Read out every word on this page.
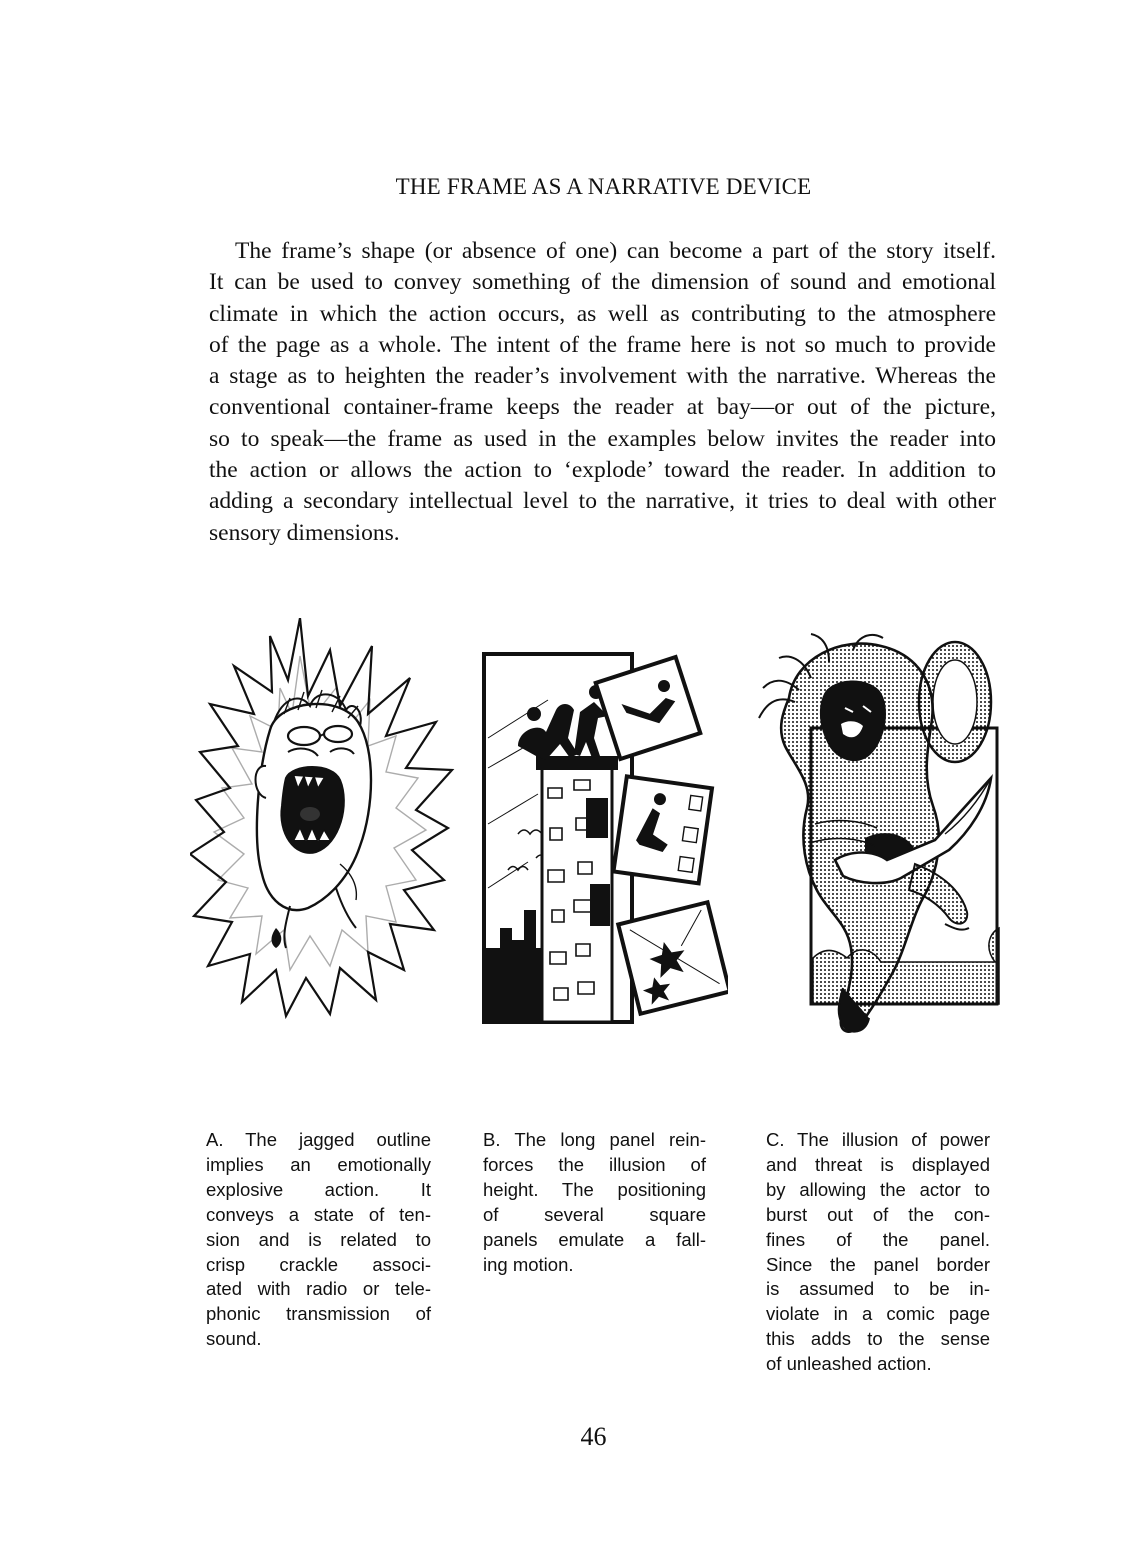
THE FRAME AS A NARRATIVE DEVICE

The frame’s shape (or absence of one) can become a part of the story itself.
It can be used to convey something of the dimension of sound and emotional
climate in which the action occurs, as well as contributing to the atmosphere
of the page as a whole. The intent of the frame here is not so much to provide
a stage as to heighten the reader’s involvement with the narrative. Whereas the
conventional container-frame keeps the reader at bay—or out of the picture,
so to speak—the frame as used in the examples below invites the reader into
the action or allows the action to ‘explode’ toward the reader. In addition to
adding a secondary intellectual level to the narrative, it tries to deal with other
sensory dimensions.

A. The jagged outline
implies an emotionally
explosive action. It
conveys a state of ten-
sion and is related to
crisp crackle associ-
ated with radio or tele-
phonic transmission of
sound.
B. The long panel rein-
forces the illusion of
height. The positioning
of several square
panels emulate a fall-
ing motion.
C. The illusion of power
and threat is displayed
by allowing the actor to
burst out of the con-
fines of the panel.
Since the panel border
is assumed to be in-
violate in a comic page
this adds to the sense
of unleashed action.
46
